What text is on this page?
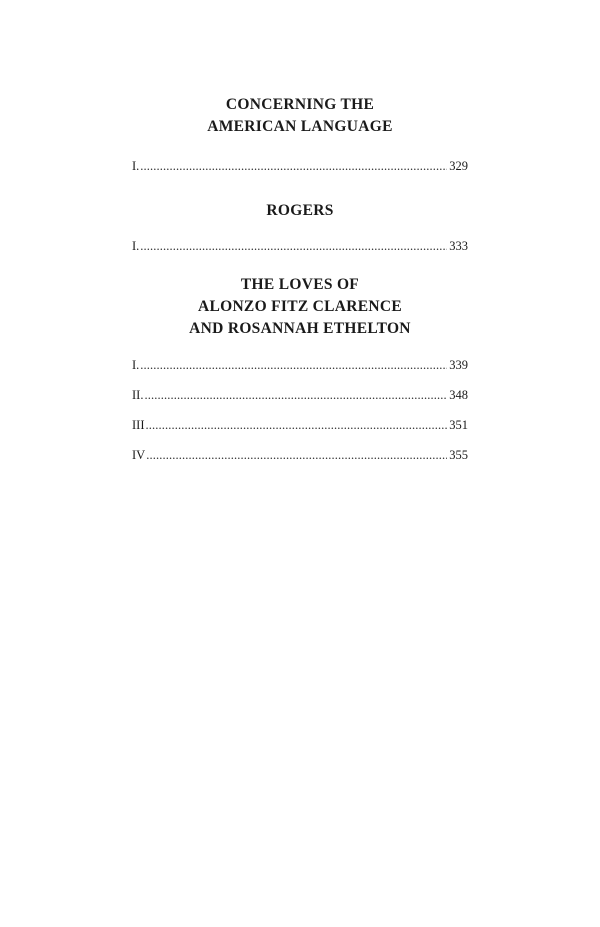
CONCERNING THE
AMERICAN LANGUAGE
I. . . .	329
ROGERS
I. . . .	333
THE LOVES OF
ALONZO FITZ CLARENCE
AND ROSANNAH ETHELTON
I. . . .	339
II. . . .	348
III . . .	351
IV . . .	355
